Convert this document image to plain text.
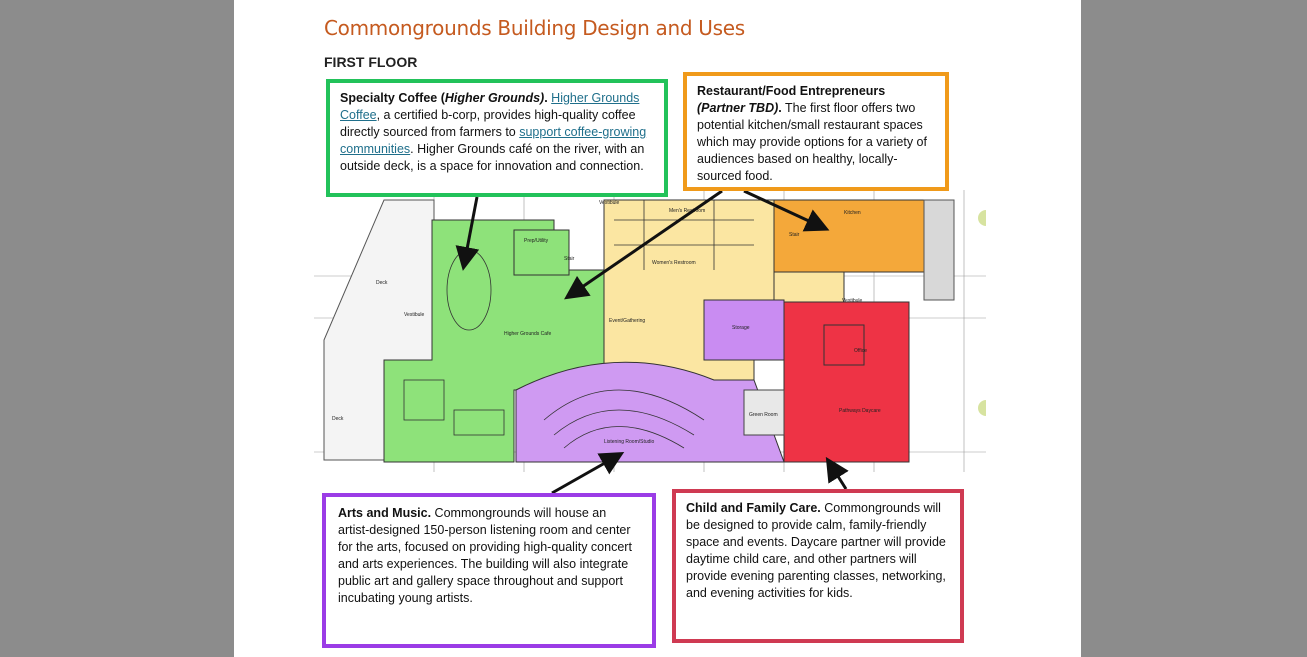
Commongrounds Building Design and Uses
FIRST FLOOR
Deck
Vestibule
Deck
Prep/Utility
Stair
Vestibule
Men's Restroom
Women's Restroom
Stair
Kitchen
Higher Grounds Cafe
Event/Gathering
Storage
Vestibule
Office
Listening Room/Studio
Green Room
Pathways Daycare
Specialty Coffee (Higher Grounds). Higher Grounds Coffee, a certified b-corp, provides high-quality coffee directly sourced from farmers to support coffee-growing communities. Higher Grounds café on the river, with an outside deck, is a space for innovation and connection.
Restaurant/Food Entrepreneurs
(Partner TBD). The first floor offers two potential kitchen/small restaurant spaces which may provide options for a variety of audiences based on healthy, locally-sourced food.
Arts and Music. Commongrounds will house an artist-designed 150-person listening room and center for the arts, focused on providing high-quality concert and arts experiences. The building will also integrate public art and gallery space throughout and support incubating young artists.
Child and Family Care. Commongrounds will be designed to provide calm, family-friendly space and events. Daycare partner will provide daytime child care, and other partners will provide evening parenting classes, networking, and evening activities for kids.
